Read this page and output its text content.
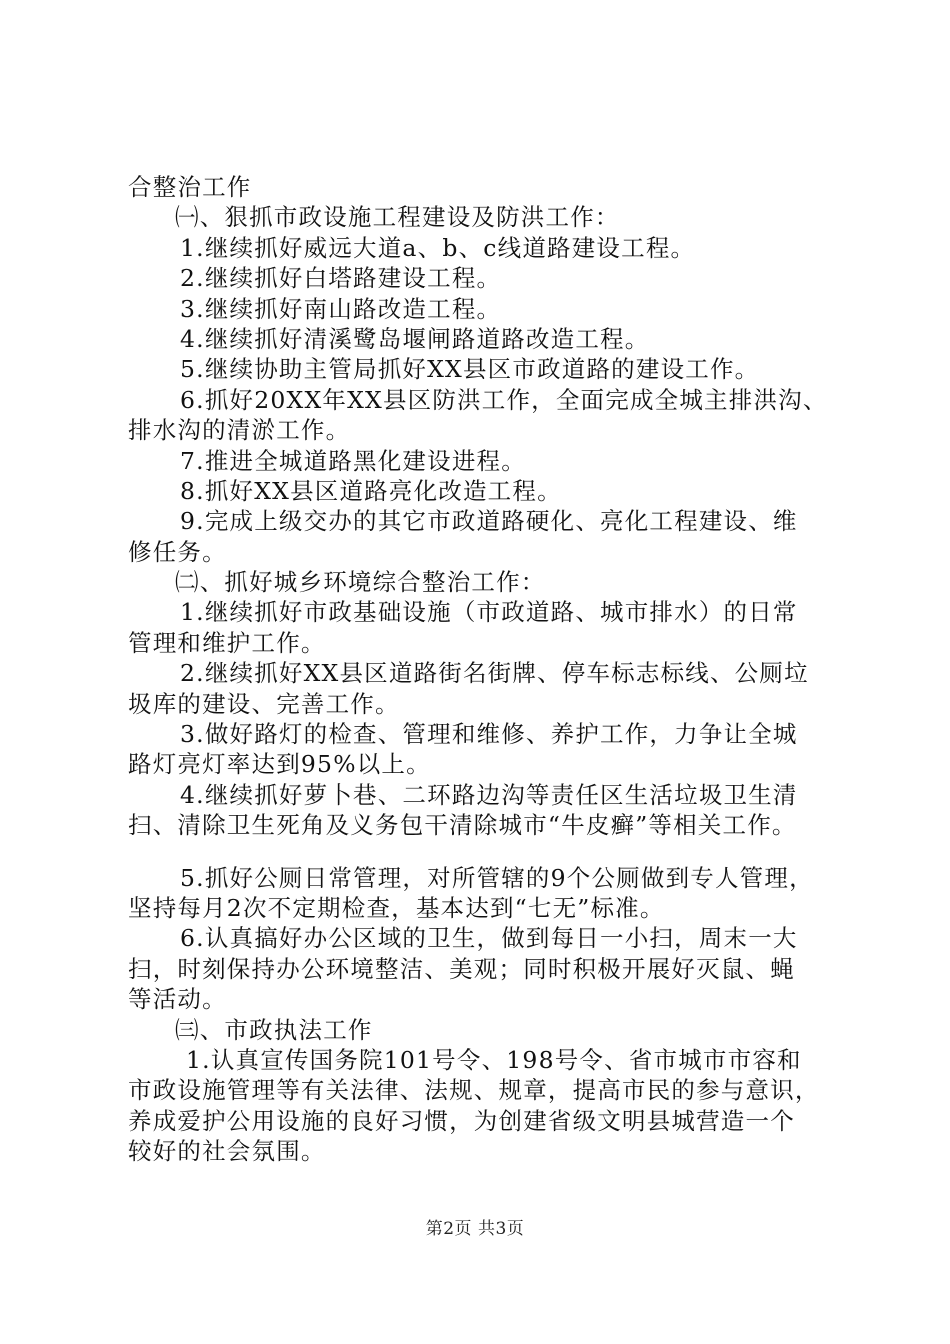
合整治工作
㈠、狠抓市政设施工程建设及防洪工作：
1.继续抓好威远大道a、b、c线道路建设工程。
2.继续抓好白塔路建设工程。
3.继续抓好南山路改造工程。
4.继续抓好清溪鹭岛堰闸路道路改造工程。
5.继续协助主管局抓好XX县区市政道路的建设工作。
6.抓好20XX年XX县区防洪工作，全面完成全城主排洪沟、
排水沟的清淤工作。
7.推进全城道路黑化建设进程。
8.抓好XX县区道路亮化改造工程。
9.完成上级交办的其它市政道路硬化、亮化工程建设、维
修任务。
㈡、抓好城乡环境综合整治工作：
1.继续抓好市政基础设施（市政道路、城市排水）的日常
管理和维护工作。
2.继续抓好XX县区道路街名街牌、停车标志标线、公厕垃
圾库的建设、完善工作。
3.做好路灯的检查、管理和维修、养护工作，力争让全城
路灯亮灯率达到95%以上。
4.继续抓好萝卜巷、二环路边沟等责任区生活垃圾卫生清
扫、清除卫生死角及义务包干清除城市“牛皮癣”等相关工作。
5.抓好公厕日常管理，对所管辖的9个公厕做到专人管理，
坚持每月2次不定期检查，基本达到“七无”标准。
6.认真搞好办公区域的卫生，做到每日一小扫，周末一大
扫，时刻保持办公环境整洁、美观；同时积极开展好灭鼠、蝇
等活动。
㈢、市政执法工作
1.认真宣传国务院101号令、198号令、省市城市市容和
市政设施管理等有关法律、法规、规章，提高市民的参与意识，
养成爱护公用设施的良好习惯，为创建省级文明县城营造一个
较好的社会氛围。
第2页 共3页
